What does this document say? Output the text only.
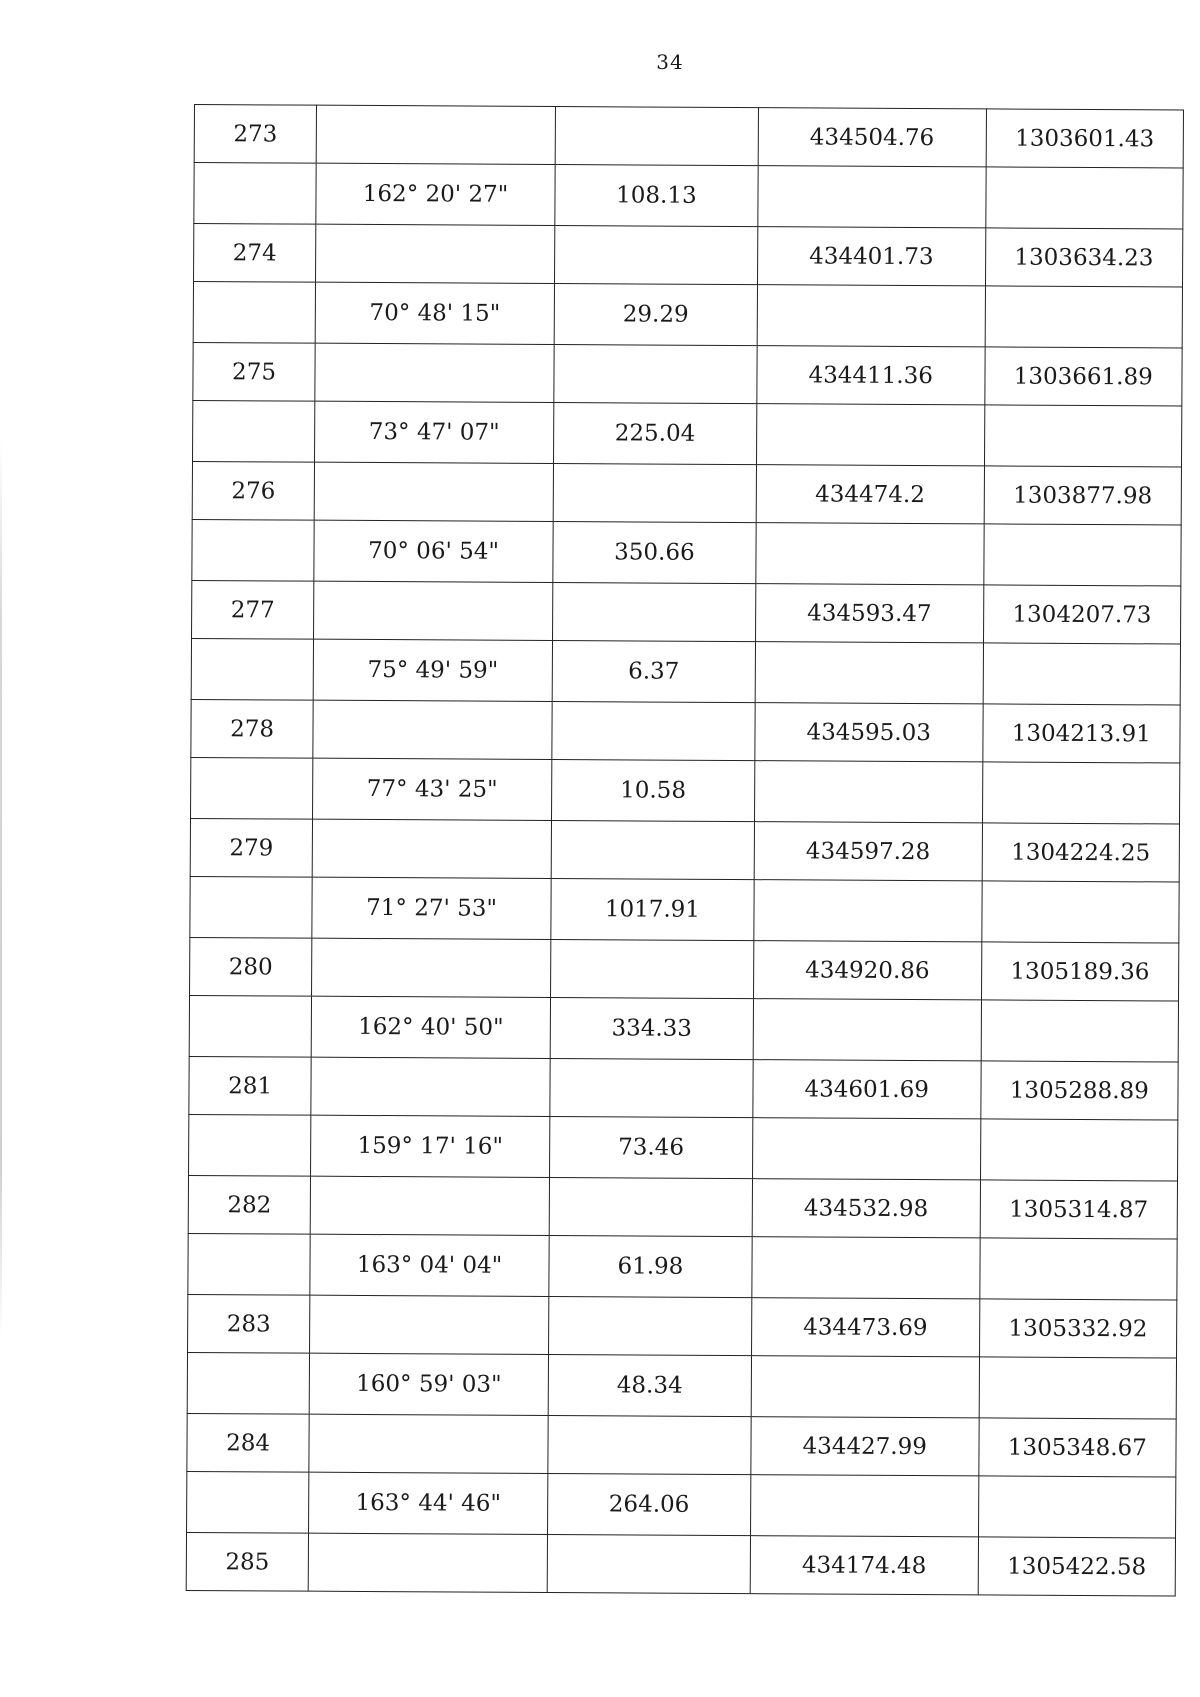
34
273			434504.76	1303601.43
	162° 20' 27"	108.13		
274			434401.73	1303634.23
	70° 48' 15"	29.29		
275			434411.36	1303661.89
	73° 47' 07"	225.04		
276			434474.2	1303877.98
	70° 06' 54"	350.66		
277			434593.47	1304207.73
	75° 49' 59"	6.37		
278			434595.03	1304213.91
	77° 43' 25"	10.58		
279			434597.28	1304224.25
	71° 27' 53"	1017.91		
280			434920.86	1305189.36
	162° 40' 50"	334.33		
281			434601.69	1305288.89
	159° 17' 16"	73.46		
282			434532.98	1305314.87
	163° 04' 04"	61.98		
283			434473.69	1305332.92
	160° 59' 03"	48.34		
284			434427.99	1305348.67
	163° 44' 46"	264.06		
285			434174.48	1305422.58
